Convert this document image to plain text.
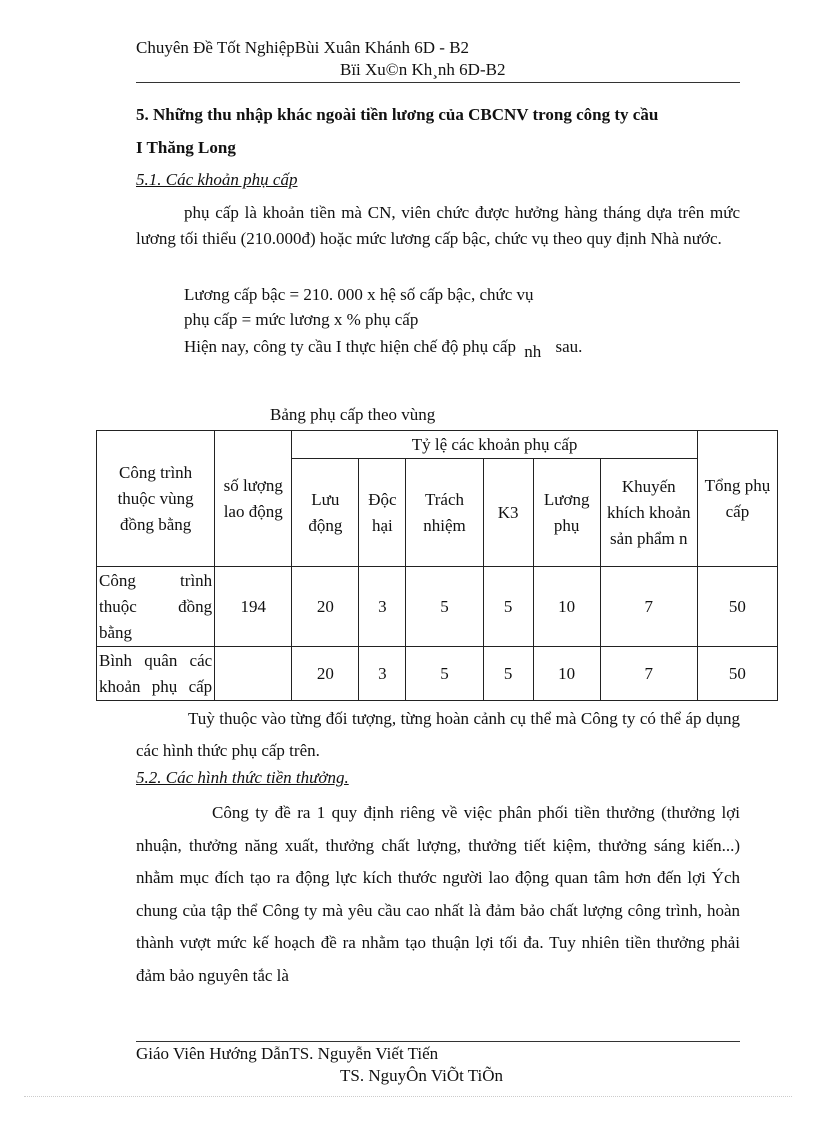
Chuyên Đề Tốt NghiệpBùi Xuân Khánh 6D - B2
Bïi Xu©n Kh¸nh 6D-B2
5. Những thu nhập khác ngoài tiền lương của CBCNV trong công ty cầu
I Thăng Long
5.1. Các khoản phụ cấp
phụ cấp là khoản tiền mà CN, viên chức được hưởng hàng tháng dựa trên mức lương tối thiểu (210.000đ) hoặc mức lương cấp bậc, chức vụ theo quy định Nhà nước.
Lương cấp bậc = 210. 000 x hệ số cấp bậc, chức vụ
phụ cấp = mức lương x % phụ cấp
Hiện nay, công ty cầu I thực hiện chế độ phụ cấp nh sau.
Bảng phụ cấp theo vùng
Công trình thuộc vùng đồng bằng	số lượng lao động	Tỷ lệ các khoản phụ cấp						Tổng phụ cấp
		Lưu động	Độc hại	Trách nhiệm	K3	Lương phụ	Khuyến khích khoản sản phẩm n	
Công trình thuộc đồng bằng	194	20	3	5	5	10	7	50
Bình quân các khoản phụ cấp		20	3	5	5	10	7	50
Tuỳ thuộc vào từng đối tượng, từng hoàn cảnh cụ thể mà Công ty có thể áp dụng các hình thức phụ cấp trên.
5.2. Các hình thức tiền thưởng.
Công ty đề ra 1 quy định riêng về việc phân phối tiền thưởng (thưởng lợi nhuận, thưởng năng xuất, thưởng chất lượng, thưởng tiết kiệm, thưởng sáng kiến...) nhằm mục đích tạo ra động lực kích thước người lao động quan tâm hơn đến lợi Ých chung của tập thể Công ty mà yêu cầu cao nhất là đảm bảo chất lượng công trình, hoàn thành vượt mức kế hoạch đề ra nhằm tạo thuận lợi tối đa. Tuy nhiên tiền thưởng phải đảm bảo nguyên tắc là
Giáo Viên Hướng DẫnTS. Nguyễn Viết Tiến
TS. NguyÔn ViÕt TiÕn
